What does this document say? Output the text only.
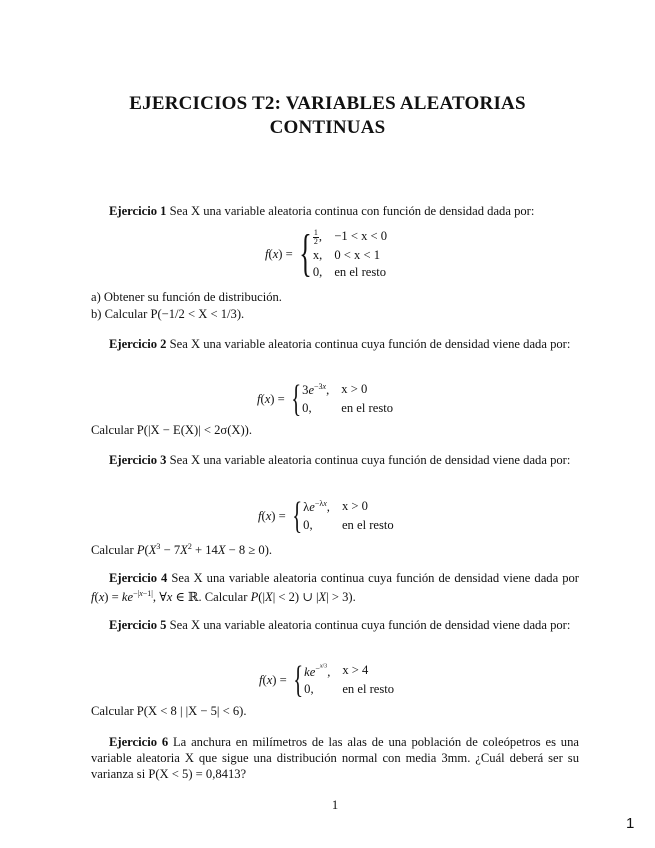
EJERCICIOS T2: VARIABLES ALEATORIAS
CONTINUAS
Ejercicio 1 Sea X una variable aleatoria continua con función de densidad dada por:
f(x) = { $\frac{1}{2}$ , −1 < x < 0
x, 0 < x < 1
0, en el resto
a) Obtener su función de distribución.
b) Calcular P(−1/2 < X < 1/3).
Ejercicio 2 Sea X una variable aleatoria continua cuya función de densidad viene dada por:
f(x) = { $3e^{-3x}$, x > 0
0,	en el resto
Calcular P(|X − E(X)| < 2σ(X)).
Ejercicio 3 Sea X una variable aleatoria continua cuya función de densidad viene dada por:
f(x) = { $\lambda e^{-\lambda x}$, x > 0
0,	en el resto
Calcular $P(X^3 - 7X^2 + 14X - 8 \ge 0)$.
Ejercicio 4 Sea X una variable aleatoria continua cuya función de densidad viene dada por $f(x) = ke^{-|x-1|}$, ∀x ∈ ℝ. Calcular P(|X| < 2) ∪ |X| > 3).
Ejercicio 5 Sea X una variable aleatoria continua cuya función de densidad viene dada por:
f(x) = { $ke^{-^{x/3}}$, x > 4
0,	en el resto
Calcular P(X < 8 | |X − 5| < 6).
Ejercicio 6 La anchura en milímetros de las alas de una población de coleópetros es una variable aleatoria X que sigue una distribución normal con media 3mm. ¿Cuál deberá ser su varianza si P(X < 5) = 0,8413?
1
1
